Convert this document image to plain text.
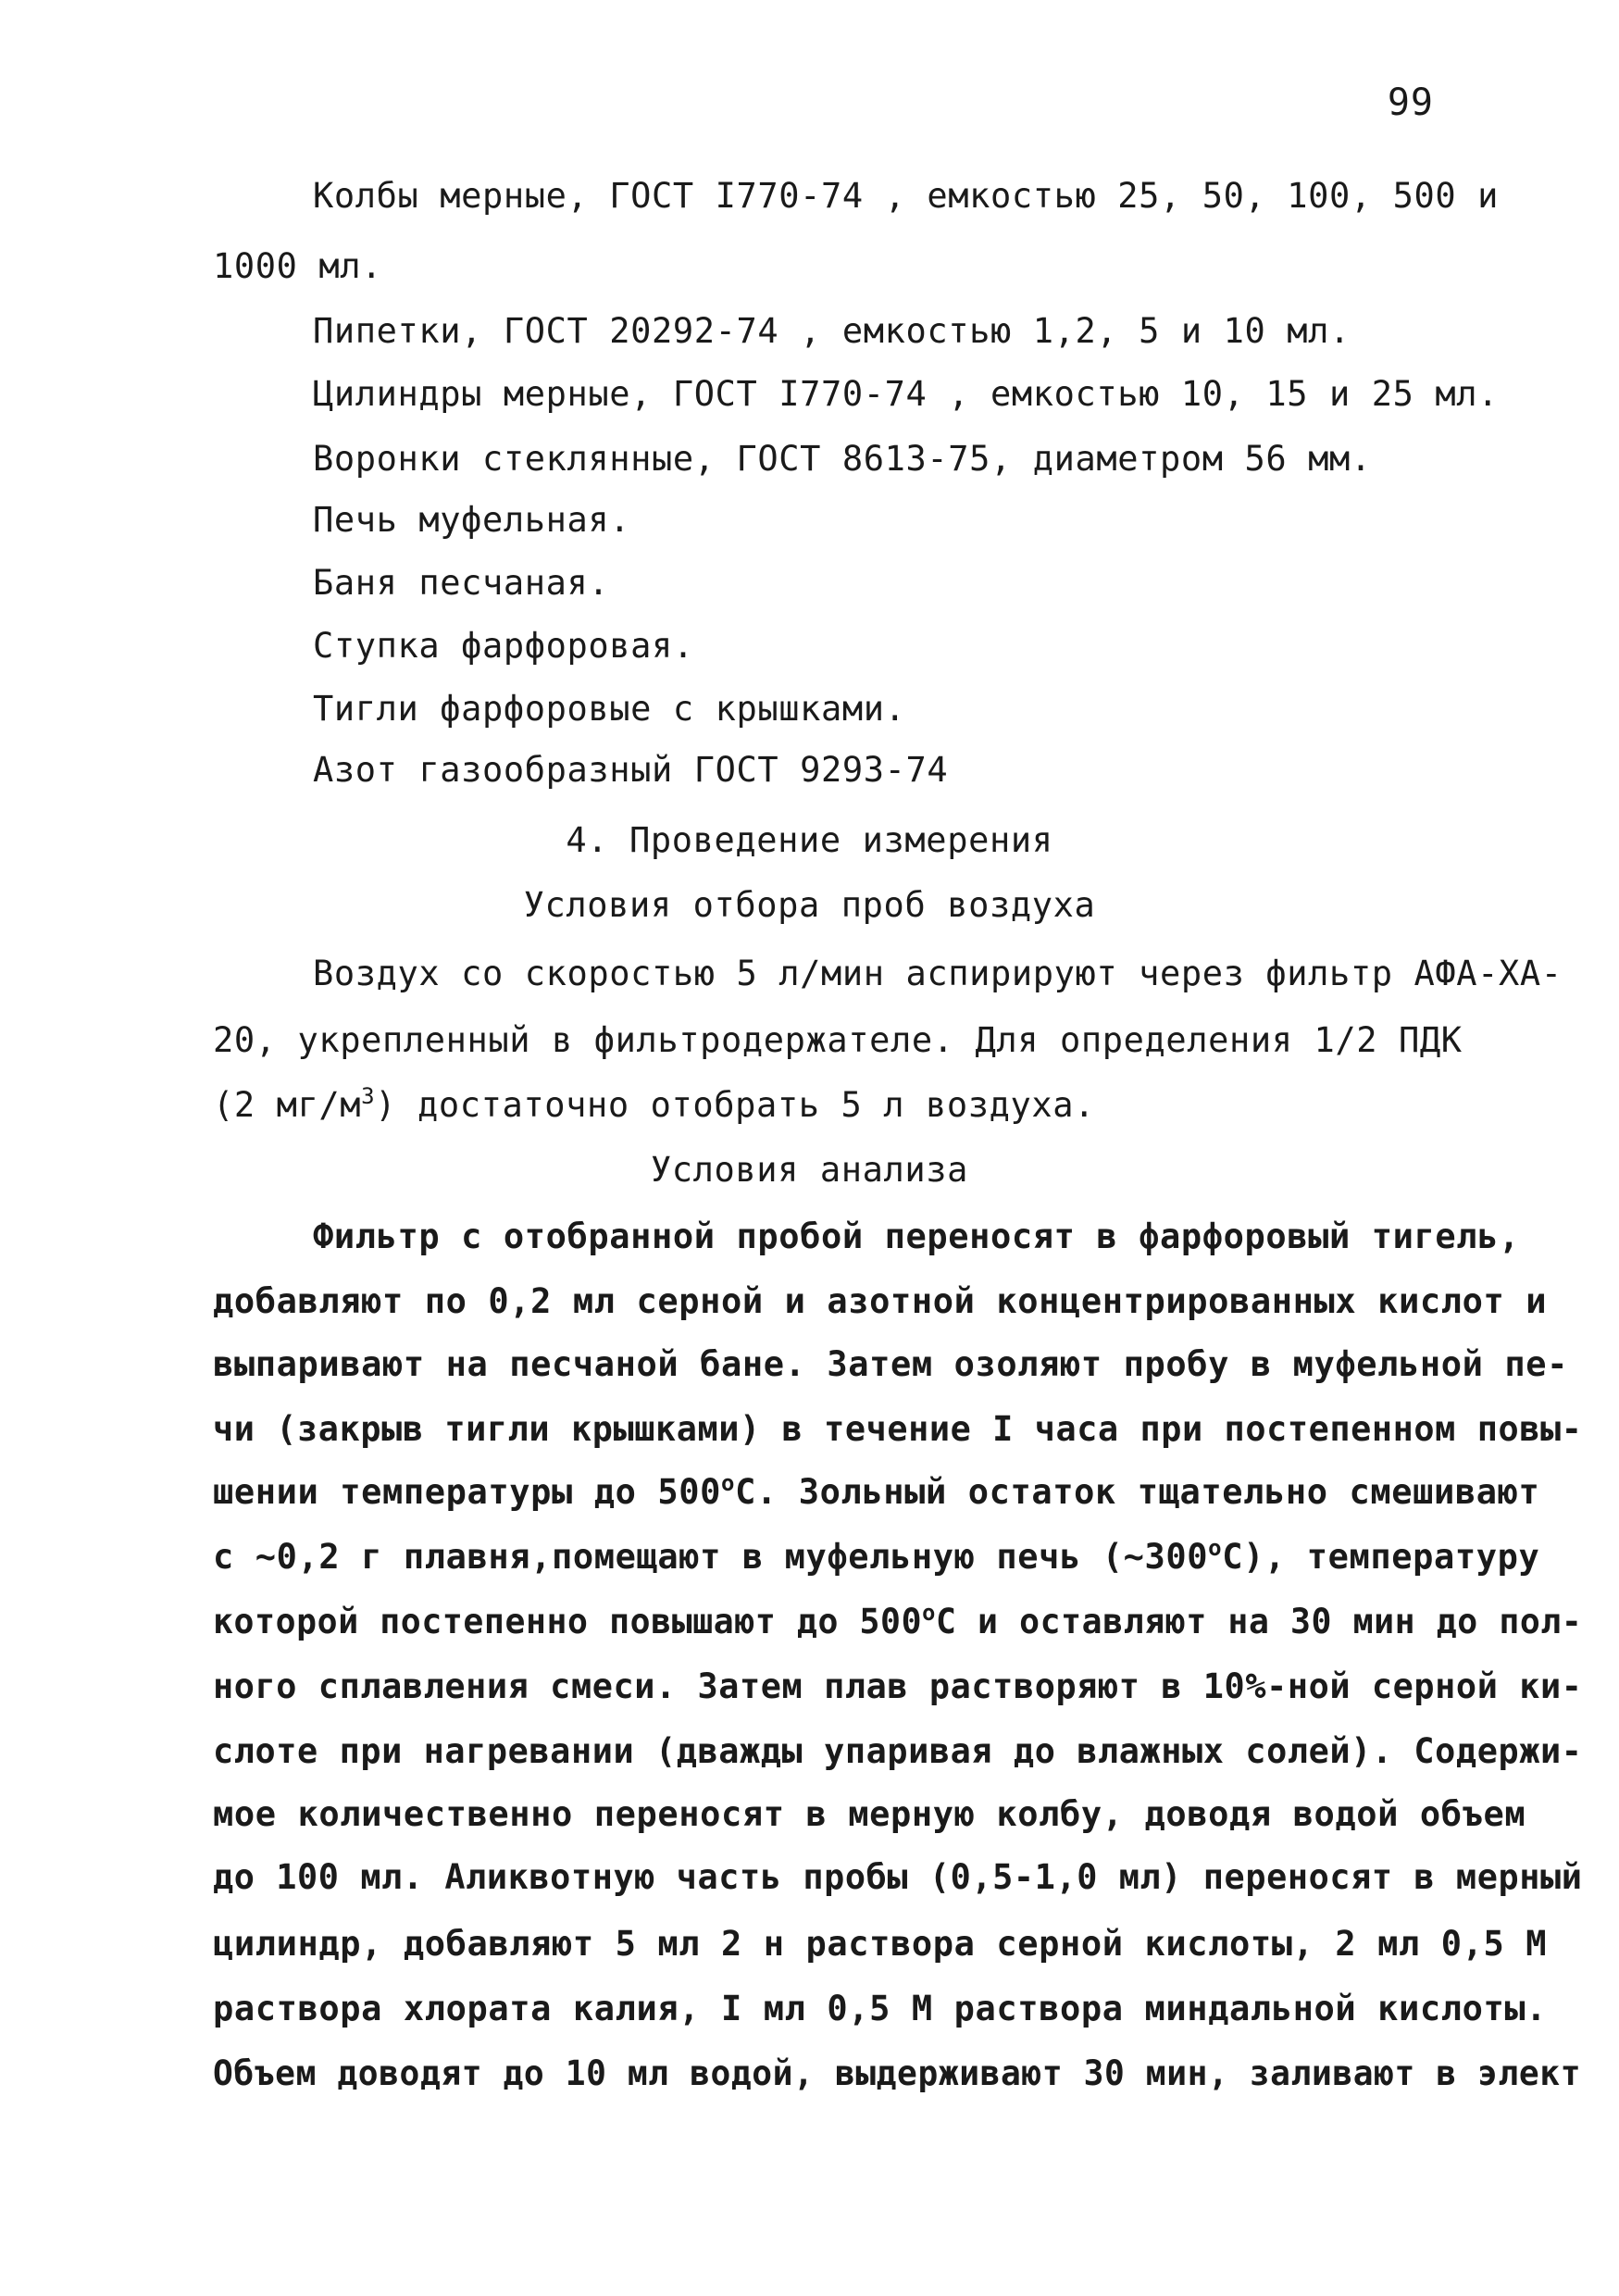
99
Колбы мерные, ГОСТ I770-74 , емкостью 25, 50, 100, 500 и
1000 мл.
Пипетки, ГОСТ 20292-74 , емкостью 1,2, 5 и 10 мл.
Цилиндры мерные, ГОСТ I770-74 , емкостью 10, 15 и 25 мл.
Воронки стеклянные, ГОСТ 8613-75, диаметром 56 мм.
Печь муфельная.
Баня песчаная.
Ступка фарфоровая.
Тигли фарфоровые с крышками.
Азот газообразный ГОСТ 9293-74
4. Проведение измерения
Условия отбора проб воздуха
Воздух со скоростью 5 л/мин аспирируют через фильтр АФА-ХА-
20, укрепленный в фильтродержателе. Для определения 1/2 ПДК
(2 $мг/м^3$) достаточно отобрать 5 л воздуха.
Условия анализа
Фильтр с отобранной пробой переносят в фарфоровый тигель,
добавляют по 0,2 мл серной и азотной концентрированных кислот и
выпаривают на песчаной бане. Затем озоляют пробу в муфельной пе-
чи (закрыв тигли крышками) в течение I часа при постепенном повы-
шении температуры до $500^оС$. Зольный остаток тщательно смешивают
с ~0,2 г плавня,помещают в муфельную печь $(\sim 300^оС)$, температуру
которой постепенно повышают до $500^оС$ и оставляют на 30 мин до пол-
ного сплавления смеси. Затем плав растворяют в 10%-ной серной ки-
слоте при нагревании (дважды упаривая до влажных солей). Содержи-
мое количественно переносят в мерную колбу, доводя водой объем
до 100 мл. Аликвотную часть пробы (0,5-1,0 мл) переносят в мерный
цилиндр, добавляют 5 мл 2 н раствора серной кислоты, 2 мл 0,5 М
раствора хлората калия, I мл 0,5 М раствора миндальной кислоты.
Объем доводят до 10 мл водой, выдерживают 30 мин, заливают в элект
